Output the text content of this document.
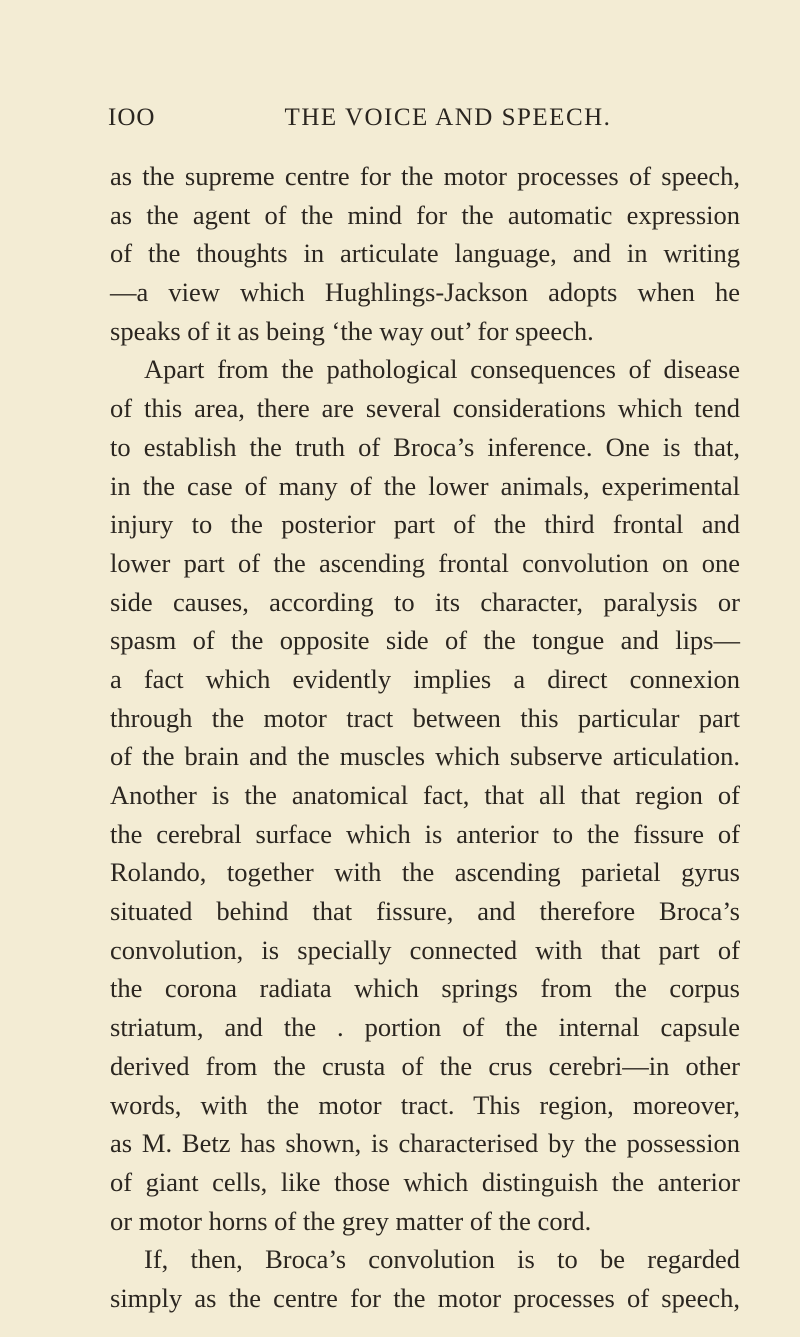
IOO	THE VOICE AND SPEECH.
as the supreme centre for the motor processes of speech,
as the agent of the mind for the automatic expression
of the thoughts in articulate language, and in writing
—a view which Hughlings-Jackson adopts when he
speaks of it as being ‘the way out’ for speech.
Apart from the pathological consequences of disease
of this area, there are several considerations which tend
to establish the truth of Broca’s inference. One is that,
in the case of many of the lower animals, experimental
injury to the posterior part of the third frontal and
lower part of the ascending frontal convolution on one
side causes, according to its character, paralysis or
spasm of the opposite side of the tongue and lips—
a fact which evidently implies a direct connexion
through the motor tract between this particular part
of the brain and the muscles which subserve articulation.
Another is the anatomical fact, that all that region of
the cerebral surface which is anterior to the fissure of
Rolando, together with the ascending parietal gyrus
situated behind that fissure, and therefore Broca’s
convolution, is specially connected with that part of
the corona radiata which springs from the corpus
striatum, and the . portion of the internal capsule
derived from the crusta of the crus cerebri—in other
words, with the motor tract. This region, moreover,
as M. Betz has shown, is characterised by the possession
of giant cells, like those which distinguish the anterior
or motor horns of the grey matter of the cord.
If, then, Broca’s convolution is to be regarded
simply as the centre for the motor processes of speech,
